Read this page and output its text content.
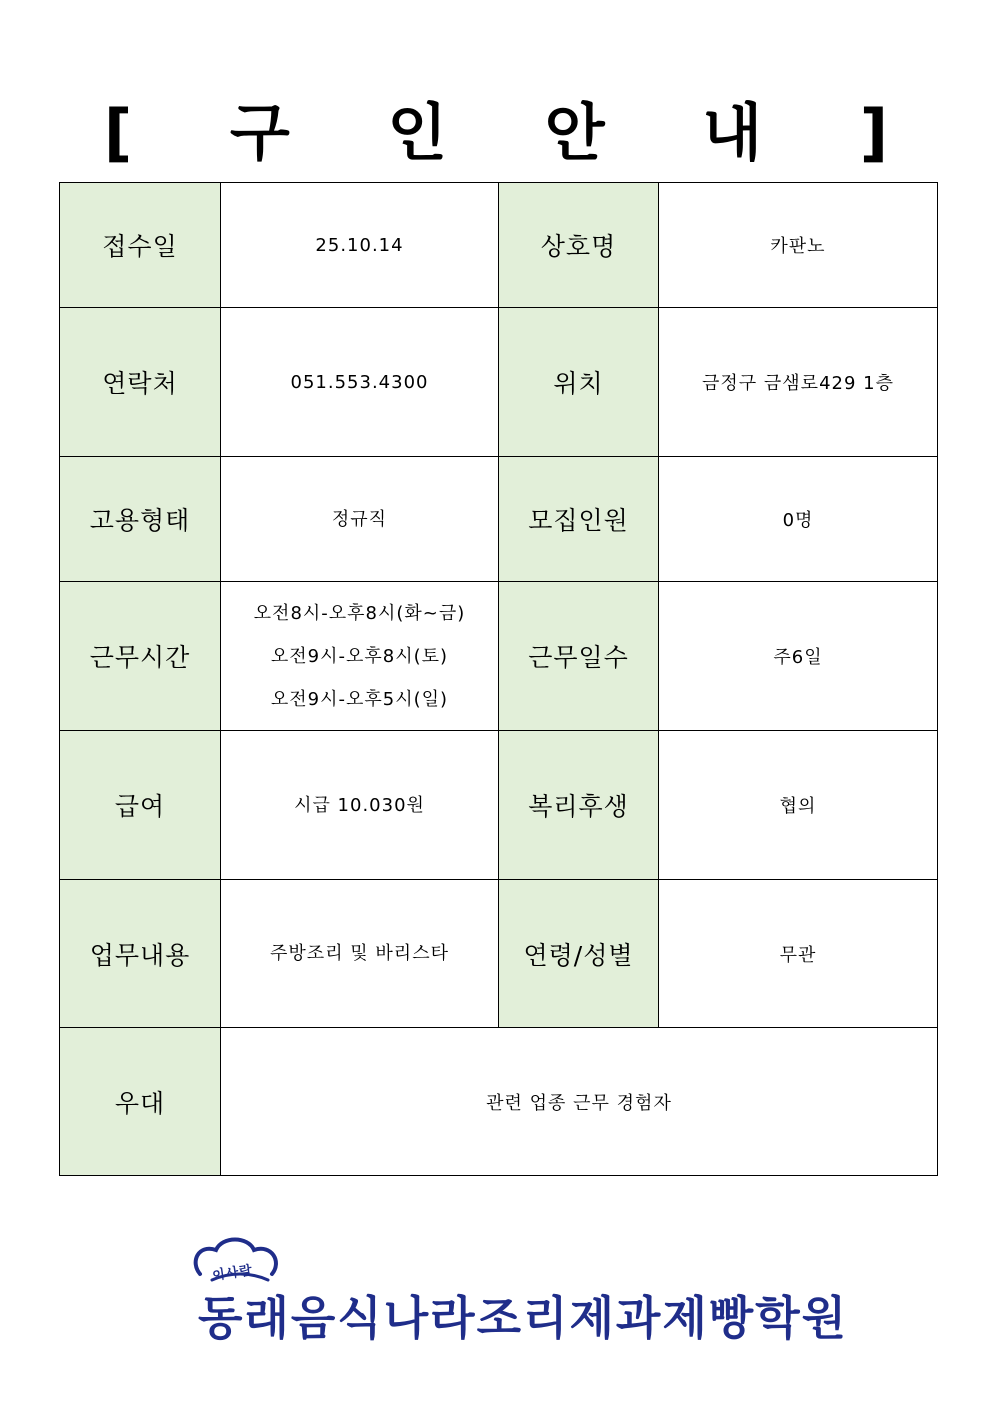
[ 구 인 안 내 ]
접수일	25.10.14	상호명	카판노
연락처	051.553.4300	위치	금정구 금샘로429 1층
고용형태	정규직	모집인원	0명
근무시간	오전8시-오후8시(화~금)
오전9시-오후8시(토)
오전9시-오후5시(일)	근무일수	주6일
급여	시급 10.030원	복리후생	협의
업무내용	주방조리 및 바리스타	연령/성별	무관
우대	관련 업종 근무 경험자		
이사람
동래음식나라조리제과제빵학원
